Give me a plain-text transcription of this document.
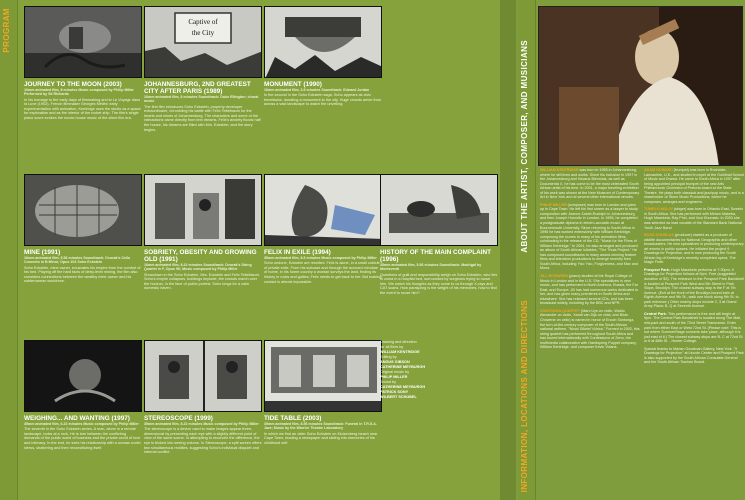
PROGRAM
JOURNEY TO THE MOON (2003)
16mm animated film, 8 minutes Music composed by Philip Miller Performed by Sil Richards
In his homage to the early days of filmmaking and to Le Voyage dans la Lune (1902), French filmmaker Georges Méliès' early experimentation with animation, Kentridge uses the studio as a space for exploration and as the interior of the rocket ship. The film's single piano score evokes the movie-house music of the silent film era.
Captive of
the City
JOHANNESBURG, 2ND GREATEST CITY AFTER PARIS (1989)
16mm animated film, 8 minutes Soundtrack: Duke Ellington; choral music
The first film introduces Soho Eckstein, property developer extraordinaire, chronicling his battle with Felix Teitelbaum for the hearts and mines of Johannesburg. The characters and some of the interactions came directly from text dreams. Felix's anxiety floods half the house, his dreams are filled with Mrs. Eckstein, and the story begins.
MONUMENT (1990)
16mm animated film, 3.5 minutes Soundtrack: Edward Jordan
In the second in the Soho Eckstein saga, Soho appears as civic benefactor, donating a monument to the city. Huge crowds arrive from across a vast landscape to watch the unveiling.
MINE (1991)
16mm animated film, 5.56 minutes Soundtrack: Dvorak's Cello Concerto in B Minor, Opus 104 Soho Eckstein
Soho Eckstein, mine owner, excavates his empire from the comfort of his bed. Playing off the hard facts of deep-level mining, the film also considers connections between the wealthy mine owner and his subterranean workforce.
SOBRIETY, OBESITY AND GROWING OLD (1991)
16mm animated film, 8.22 minutes Soundtrack: Dvorak's String Quartet in F, Opus 96; Music composed by Philip Miller
Showdown in the Soho Eckstein, Mrs. Eckstein and Felix Teitelbaum. Soho's empire collapses, buildings implode, the crowds march over the horizon, in the face of public protest, Soho longs for a calm domestic haven.
FELIX IN EXILE (1994)
35mm animated film, 8.5 minutes Music composed by Philip Miller
Soho undone, Eckstein are reunited. Felix is alone, in a small cubicle of private exile. From his suitcase and through the accrued minutiae of home, in his home country a woman surveys the land, finding its history in rocks and gullies; Felix needs to get back to her. But making contact is almost impossible.
HISTORY OF THE MAIN COMPLAINT (1996)
35mm animated film, 5.56 minutes Soundtrack: Madrigal by Monteverdi
Questions of guilt and responsibility weigh on Soho Eckstein, who lies in coma in a hospital bed, surrounded by surgeons trying to rouse him. We watch his thoughts as they come to us through X-rays and CAT scans. How paralyzing is the weight of his memories, how to find the event to rouse him?
WEIGHING... AND WANTING (1997)
35mm animated film, 6.22 minutes Music composed by Philip Miller
The seventh in the Soho Eckstein series. A man, alone in a remote landscape, looks at a rock. He is torn between the conflicting demands of the public world of business and the private world of love and intimacy. In the end, he sees his relationship with a woman under stress, shattering and then reconstituting itself.
STEREOSCOPE (1999)
35mm animated film, 8.22 minutes Music composed by Philip Miller
The stereoscope is a device used to make images appear three-dimensional by presenting each eye with a slightly different point of view of the same scene. In attempting to reconcile the difference, the eye is tricked into seeing volume. In Stereoscope, a split screen offers two simultaneous realities, suggesting Soho's individual disquiet and internal conflict.
TIDE TABLE (2003)
35mm animated film, 8.56 minutes Soundtrack: Funeral in T.R.S.A. Jazz; Music by the Warrior Theatre Laboratory
In which we find an older Soho Eckstein on Muizenberg beach near Cape Town, reading a newspaper and sliding into memories of his childhood self.
Drawing and direction
for all films by
WILLIAM KENTRIDGE
Editing by
ANGUS GIBSON
CATHERINE MEYBURGH
Original music by
PHILIP MILLER
Sound by
CATHERINE MEYBURGH
PATRICK SONY
WILBERT SCHUBEL
ABOUT THE ARTIST, COMPOSER, AND MUSICIANS
INFORMATION, LOCATIONS AND DIRECTIONS

WILLIAM KENTRIDGE was born in 1955 in Johannesburg, where he still lives and works. Since his inclusion in 1997 in the Johannesburg and Havana Biennials, as well as Documenta X, he has come to be the most celebrated South African artist of his time. In 2001, a major traveling exhibition of his work was shown at the New Museum of Contemporary Art in New York and at several other international venues.

PHILIP MILLER (composer) was born in London and grew up in Cape Town. He left his first career as a lawyer to study composition with Jeanne Zaidel-Rudolph in Johannesburg and then Joseph Horovitz in London. In 1995, he completed a postgraduate diploma in electro-acoustic music at Bournemouth University. Since returning to South Africa in 1996 he has worked extensively with William Kentridge, composing the scores to many of his animation films, culminating in the release of the CD, "Music for the Films of William Kentridge." In 2004, he also arranged and produced an album of South African lullabies, "The Thula Project." He has composed soundtracks to many award-winning feature films and television productions to emerge recently from South Africa, including Yizo Yizo, Forgiveness, and Max and Mona.

JILL RICHARDS (piano) studied at the Royal College of Music in London and in the U.S. She specializes in new music, and has performed in North America, Russia, the Far East, and Europe. Jill has had numerous works dedicated to her, and has given many premieres in South Africa and elsewhere. She has released several CDs, and has been broadcast widely, including by the BBC and NPR.

SONTONGA QUARTET (Marc Uys on violin, Waldo Alexander on violin, Xandi van Dijk on viola, and Brian Chowene on cello) is named in honor of Enoch Sontonga, the turn-of-the-century composer of the South African national anthem, "Nkosi Sikelel' iAfrica." Formed in 2002, this string quartet has performed throughout South Africa and has toured internationally with Confessions of Zeno, the multimedia collaboration with Handspring Puppet company, William Kentridge, and composer Kevin Volans.

ADAM HOWARD (trumpet) was born in Rochdale, Lancashire, U.K., and studied trumpet at the Guildhall School of Music and Drama. He came to South Africa in 1997 after being appointed principal trumpet of the new Arts Philharmonic Orchestra of Pretoria based at the State Theatre. He plays both classical and jazz/pop music, and is a shareholder of Stone Music Productions, where he composes, arranges and engineers.

TUMELO MOLOI (singer) was born in Orlando East, Soweto in South Africa. She has performed with Miriam Makeba, Hugh Masekela, Ray Phiri, and Vusi Khumalo. In 2003 she was selected as lead vocalist of the Standard Bank National Youth Jazz Band.

ROSS DOUGLAS (producer) started as a producer of wildlife documentaries for National Geographic and other broadcasters. He now specializes in producing contemporary art events in public spaces. He initiated the project 9 Drawings for Projection, and is now producing the South African leg of Kentridge's recently completed opera, The Magic Flute.

Prospect Park: Hugh Masekela performs at 7:30pm; 9 Drawings for Projection follows at 9pm. Free (suggested donation of $3). The entrance to the Prospect Park Bandshell is located at Prospect Park West and 9th Street in Park Slope, Brooklyn. The closest subway stop is the F at 7th Avenue. (Exit at the front of the Brooklyn-bound train at Eighth Avenue and 9th St., walk one block along 9th St. to park entrance.) Other nearby stops include 2, 3 at Grand Army Plaza; B, Q at Seventh Avenue.

Central Park: This performance is free and will begin at 9pm. The Central Park Bandshell is located along The Mall, mid-park and south of the 72nd Street Transverse. Enter park from either East or West 72nd St. (Please note: This is not where SummerStage concerts take place, although it is just east of it.) The closest subway stops are B, C at 72nd St or 6 at 68th St. - Hunter College.

Special thanks to Marian Goodman Gallery, New York. "9 Drawings for Projection" at Lincoln Center and Prospect Park is also supported by the South African Consulate General and the South African Tourism Board.
